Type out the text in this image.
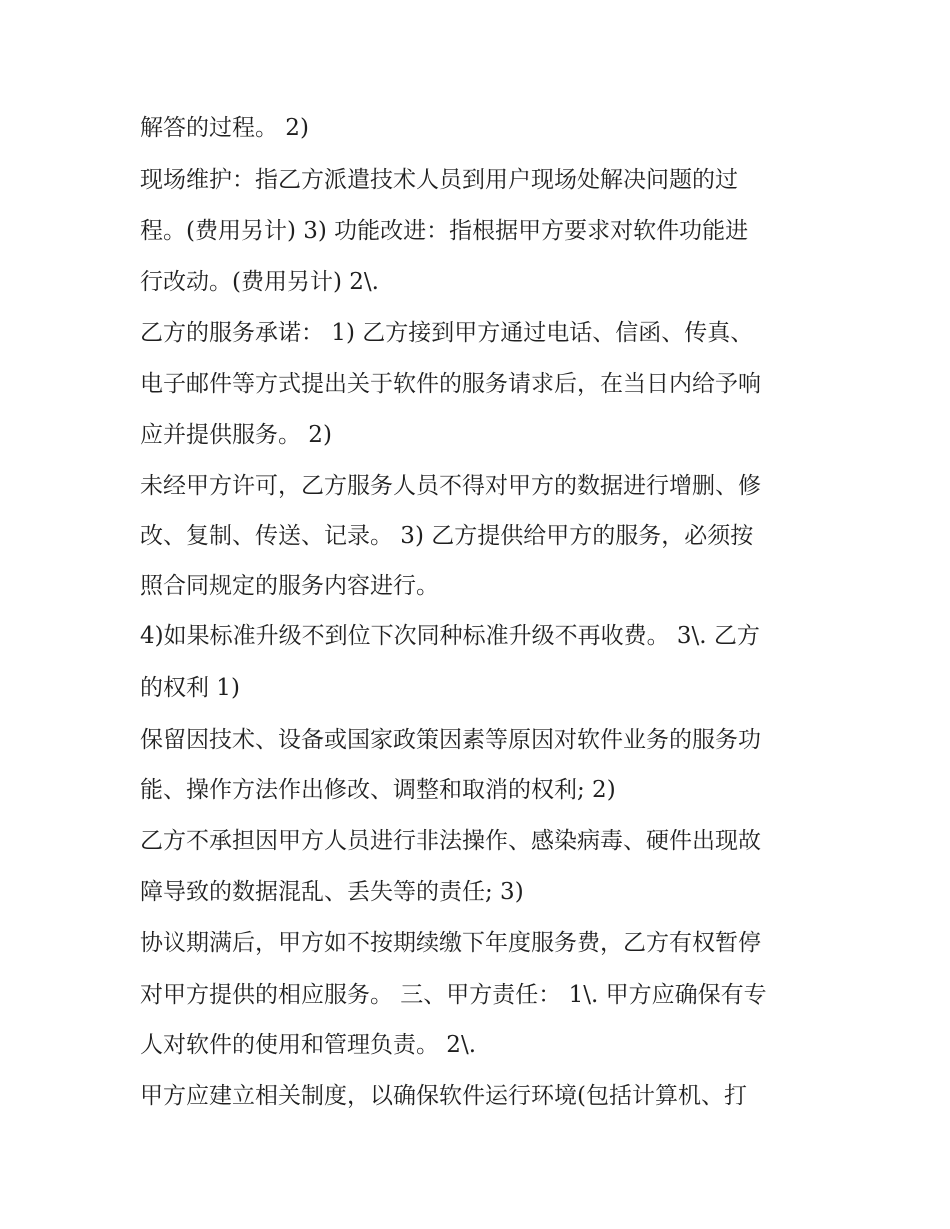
解答的过程。 2)
现场维护：指乙方派遣技术人员到用户现场处解决问题的过
程。(费用另计) 3) 功能改进：指根据甲方要求对软件功能进
行改动。(费用另计) 2\.
乙方的服务承诺： 1) 乙方接到甲方通过电话、信函、传真、
电子邮件等方式提出关于软件的服务请求后，在当日内给予响
应并提供服务。 2)
未经甲方许可，乙方服务人员不得对甲方的数据进行增删、修
改、复制、传送、记录。 3) 乙方提供给甲方的服务，必须按
照合同规定的服务内容进行。
4)如果标准升级不到位下次同种标准升级不再收费。 3\. 乙方
的权利 1)
保留因技术、设备或国家政策因素等原因对软件业务的服务功
能、操作方法作出修改、调整和取消的权利; 2)
乙方不承担因甲方人员进行非法操作、感染病毒、硬件出现故
障导致的数据混乱、丢失等的责任; 3)
协议期满后，甲方如不按期续缴下年度服务费，乙方有权暂停
对甲方提供的相应服务。 三、甲方责任： 1\. 甲方应确保有专
人对软件的使用和管理负责。 2\.
甲方应建立相关制度，以确保软件运行环境(包括计算机、打
